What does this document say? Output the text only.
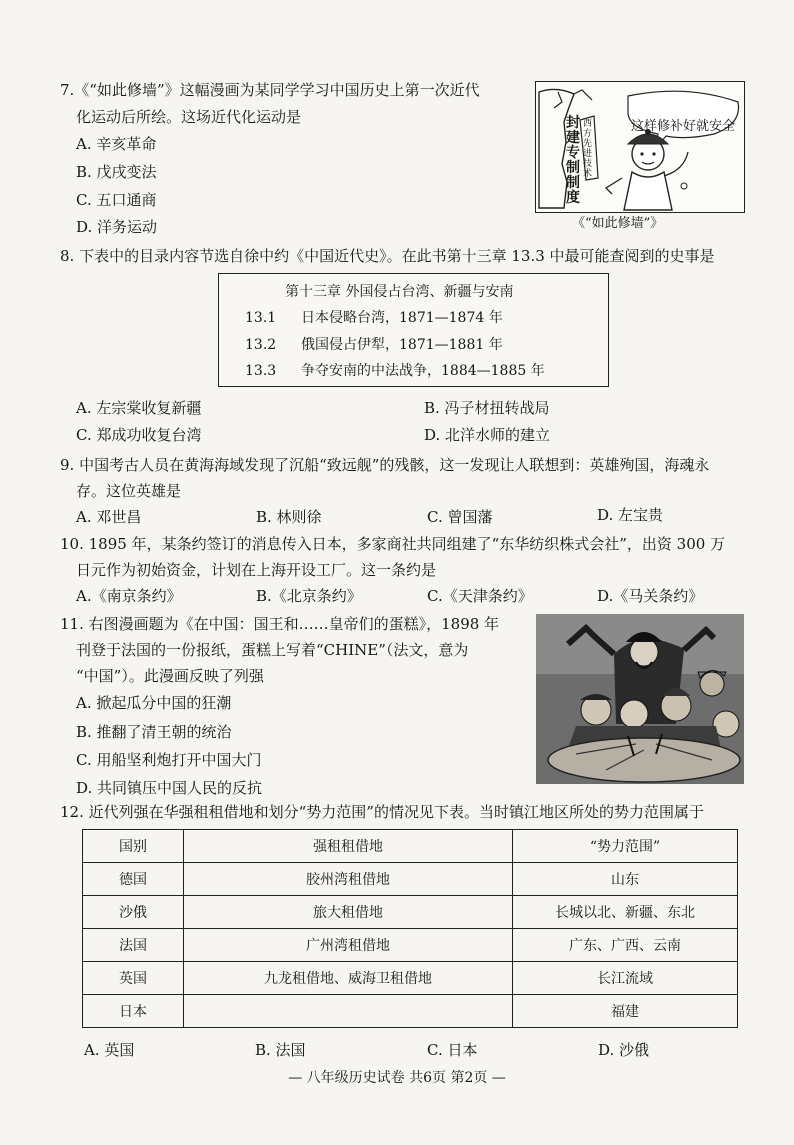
7.《“如此修墙”》这幅漫画为某同学学习中国历史上第一次近代
化运动后所绘。这场近代化运动是
A. 辛亥革命
B. 戊戌变法
C. 五口通商
D. 洋务运动
这样修补好就安全
封建专制制度
西方先进技术
《“如此修墙”》
8. 下表中的目录内容节选自徐中约《中国近代史》。在此书第十三章 13.3 中最可能查阅到的史事是
第十三章 外国侵占台湾、新疆与安南
13.1 日本侵略台湾，1871—1874 年
13.2 俄国侵占伊犁，1871—1881 年
13.3 争夺安南的中法战争，1884—1885 年
A. 左宗棠收复新疆	B. 冯子材扭转战局
C. 郑成功收复台湾	D. 北洋水师的建立
9. 中国考古人员在黄海海域发现了沉船“致远舰”的残骸，这一发现让人联想到：英雄殉国，海魂永
存。这位英雄是
A. 邓世昌	B. 林则徐	C. 曾国藩	D. 左宝贵
10. 1895 年，某条约签订的消息传入日本，多家商社共同组建了“东华纺织株式会社”，出资 300 万
日元作为初始资金，计划在上海开设工厂。这一条约是
A.《南京条约》	B.《北京条约》	C.《天津条约》	D.《马关条约》
11. 右图漫画题为《在中国：国王和……皇帝们的蛋糕》，1898 年
刊登于法国的一份报纸，蛋糕上写着“CHINE”（法文，意为
“中国”）。此漫画反映了列强
A. 掀起瓜分中国的狂潮
B. 推翻了清王朝的统治
C. 用船坚利炮打开中国大门
D. 共同镇压中国人民的反抗
12. 近代列强在华强租租借地和划分“势力范围”的情况见下表。当时镇江地区所处的势力范围属于
国别	强租租借地	“势力范围”
德国	胶州湾租借地	山东
沙俄	旅大租借地	长城以北、新疆、东北
法国	广州湾租借地	广东、广西、云南
英国	九龙租借地、威海卫租借地	长江流域
日本		福建
A. 英国	B. 法国	C. 日本	D. 沙俄
— 八年级历史试卷 共6页 第2页 —
